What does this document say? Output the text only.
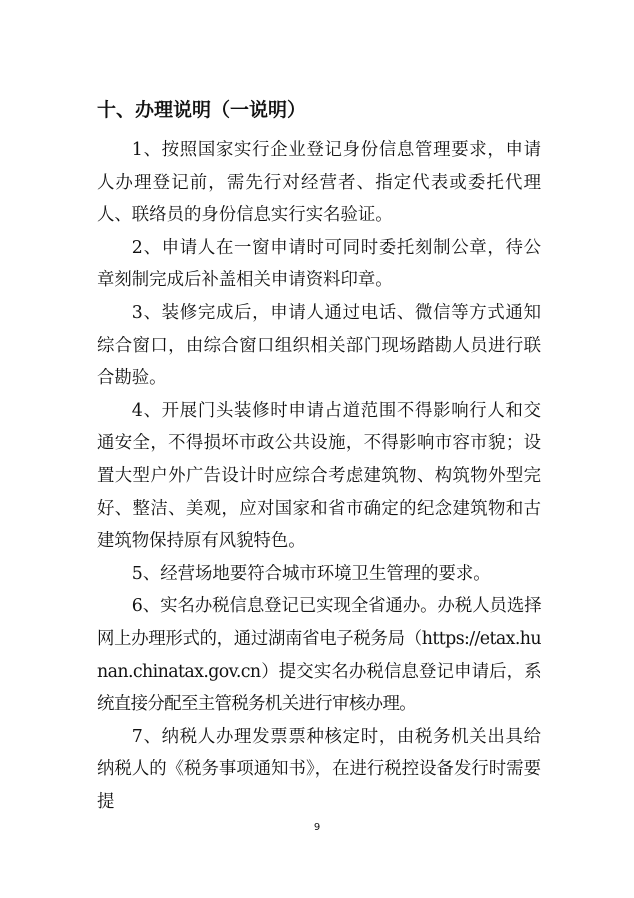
十、办理说明（一说明）

1、按照国家实行企业登记身份信息管理要求，申请人办理登记前，需先行对经营者、指定代表或委托代理人、联络员的身份信息实行实名验证。

2、申请人在一窗申请时可同时委托刻制公章，待公章刻制完成后补盖相关申请资料印章。

3、装修完成后，申请人通过电话、微信等方式通知综合窗口，由综合窗口组织相关部门现场踏勘人员进行联合勘验。

4、开展门头装修时申请占道范围不得影响行人和交通安全，不得损坏市政公共设施，不得影响市容市貌；设置大型户外广告设计时应综合考虑建筑物、构筑物外型完好、整洁、美观，应对国家和省市确定的纪念建筑物和古建筑物保持原有风貌特色。

5、经营场地要符合城市环境卫生管理的要求。

6、实名办税信息登记已实现全省通办。办税人员选择网上办理形式的，通过湖南省电子税务局（https://etax.hunan.chinatax.gov.cn）提交实名办税信息登记申请后，系统直接分配至主管税务机关进行审核办理。

7、纳税人办理发票票种核定时，由税务机关出具给纳税人的《税务事项通知书》，在进行税控设备发行时需要提

9
